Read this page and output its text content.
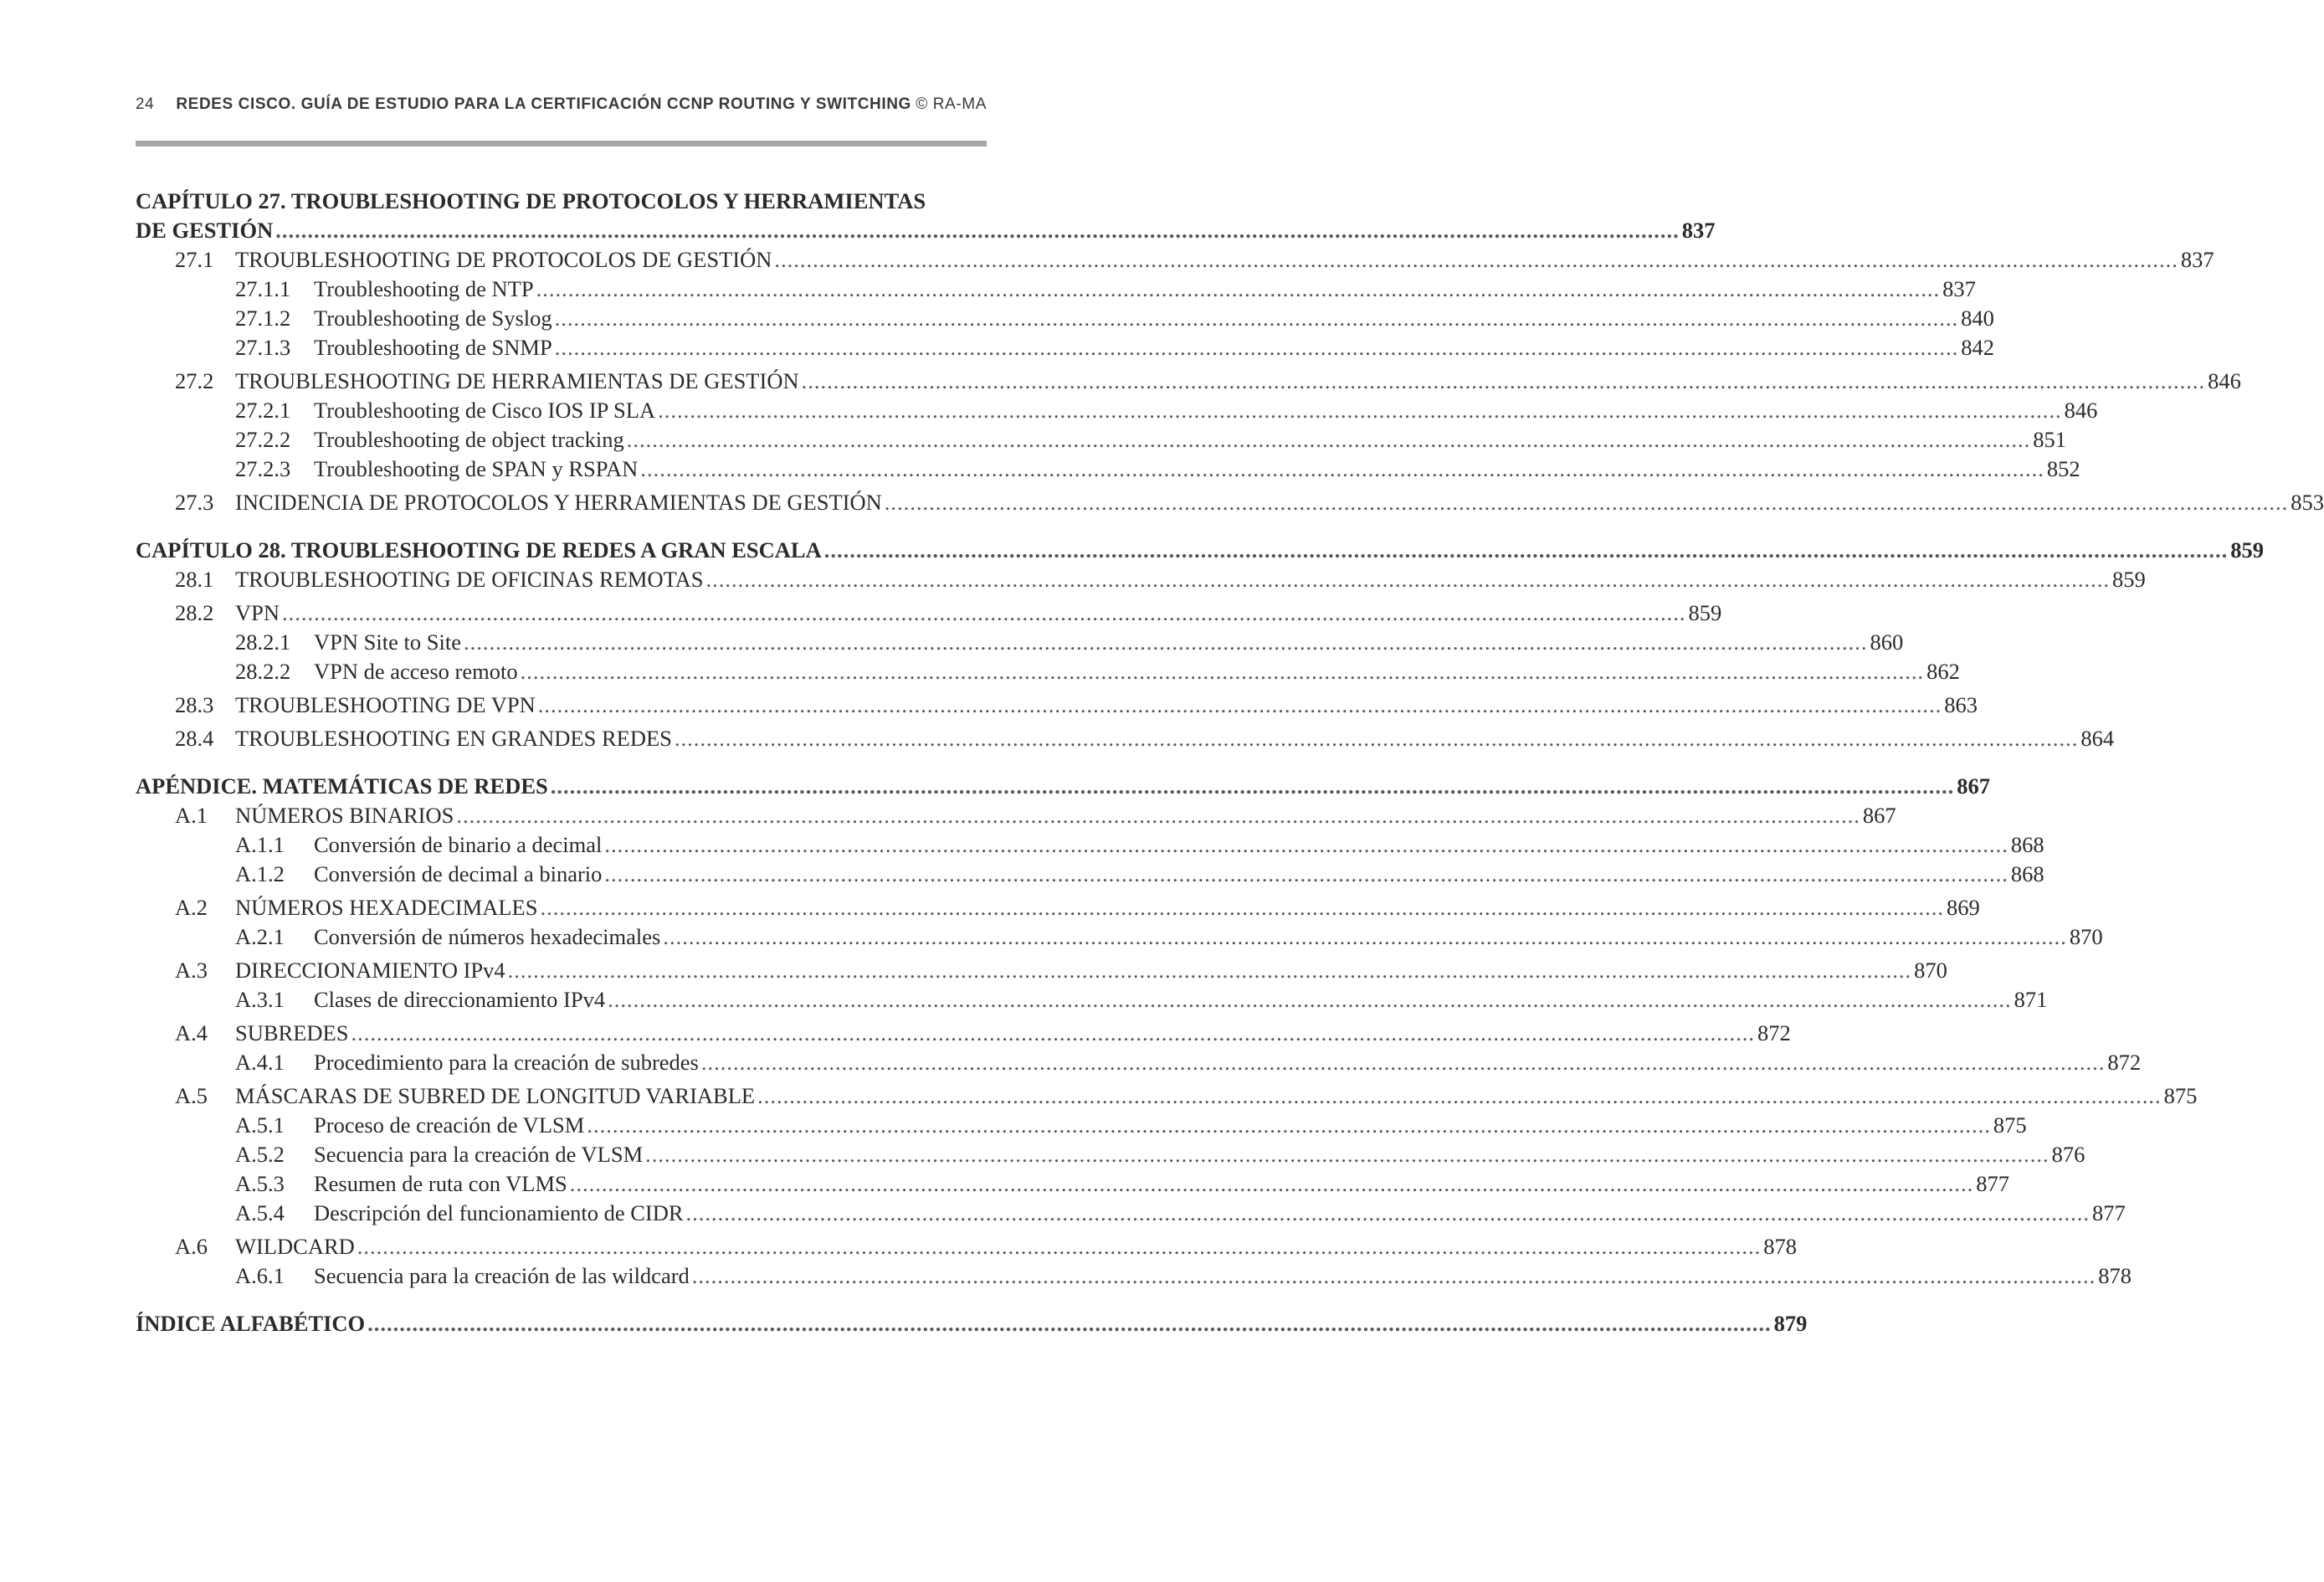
24 REDES CISCO. GUÍA DE ESTUDIO PARA LA CERTIFICACIÓN CCNP ROUTING Y SWITCHING © RA-MA
CAPÍTULO 27. TROUBLESHOOTING DE PROTOCOLOS Y HERRAMIENTAS
DE GESTIÓN ............................................................................................................................................................................................................................ 837
27.1 TROUBLESHOOTING DE PROTOCOLOS DE GESTIÓN ............................................................................................................................................................................................................................ 837
27.1.1 Troubleshooting de NTP ............................................................................................................................................................................................................................ 837
27.1.2 Troubleshooting de Syslog ............................................................................................................................................................................................................................ 840
27.1.3 Troubleshooting de SNMP ............................................................................................................................................................................................................................ 842
27.2 TROUBLESHOOTING DE HERRAMIENTAS DE GESTIÓN ............................................................................................................................................................................................................................ 846
27.2.1 Troubleshooting de Cisco IOS IP SLA ............................................................................................................................................................................................................................ 846
27.2.2 Troubleshooting de object tracking ............................................................................................................................................................................................................................ 851
27.2.3 Troubleshooting de SPAN y RSPAN ............................................................................................................................................................................................................................ 852
27.3 INCIDENCIA DE PROTOCOLOS Y HERRAMIENTAS DE GESTIÓN ............................................................................................................................................................................................................................ 853
CAPÍTULO 28. TROUBLESHOOTING DE REDES A GRAN ESCALA ............................................................................................................................................................................................................................ 859
28.1 TROUBLESHOOTING DE OFICINAS REMOTAS ............................................................................................................................................................................................................................ 859
28.2 VPN ............................................................................................................................................................................................................................ 859
28.2.1 VPN Site to Site ............................................................................................................................................................................................................................ 860
28.2.2 VPN de acceso remoto ............................................................................................................................................................................................................................ 862
28.3 TROUBLESHOOTING DE VPN ............................................................................................................................................................................................................................ 863
28.4 TROUBLESHOOTING EN GRANDES REDES ............................................................................................................................................................................................................................ 864
APÉNDICE. MATEMÁTICAS DE REDES ............................................................................................................................................................................................................................ 867
A.1 NÚMEROS BINARIOS ............................................................................................................................................................................................................................ 867
A.1.1 Conversión de binario a decimal ............................................................................................................................................................................................................................ 868
A.1.2 Conversión de decimal a binario ............................................................................................................................................................................................................................ 868
A.2 NÚMEROS HEXADECIMALES ............................................................................................................................................................................................................................ 869
A.2.1 Conversión de números hexadecimales ............................................................................................................................................................................................................................ 870
A.3 DIRECCIONAMIENTO IPv4 ............................................................................................................................................................................................................................ 870
A.3.1 Clases de direccionamiento IPv4 ............................................................................................................................................................................................................................ 871
A.4 SUBREDES ............................................................................................................................................................................................................................ 872
A.4.1 Procedimiento para la creación de subredes ............................................................................................................................................................................................................................ 872
A.5 MÁSCARAS DE SUBRED DE LONGITUD VARIABLE ............................................................................................................................................................................................................................ 875
A.5.1 Proceso de creación de VLSM ............................................................................................................................................................................................................................ 875
A.5.2 Secuencia para la creación de VLSM ............................................................................................................................................................................................................................ 876
A.5.3 Resumen de ruta con VLMS ............................................................................................................................................................................................................................ 877
A.5.4 Descripción del funcionamiento de CIDR ............................................................................................................................................................................................................................ 877
A.6 WILDCARD ............................................................................................................................................................................................................................ 878
A.6.1 Secuencia para la creación de las wildcard ............................................................................................................................................................................................................................ 878
ÍNDICE ALFABÉTICO ............................................................................................................................................................................................................................ 879
